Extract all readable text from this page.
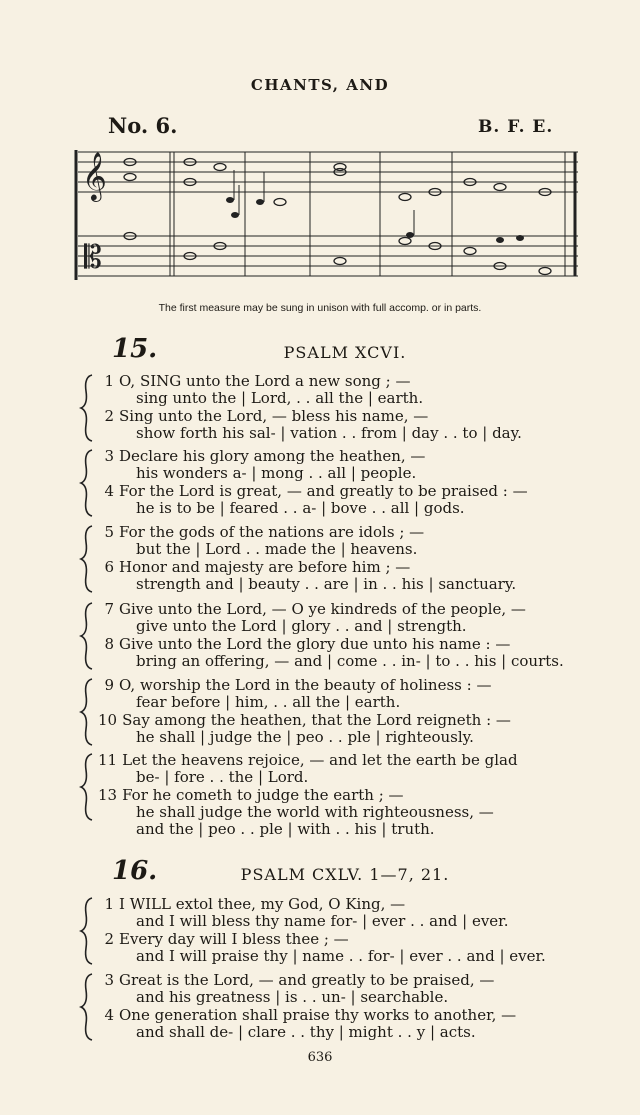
CHANTS, AND
No. 6.	B. F. E.
𝄞
𝄡
The first measure may be sung in unison with full accomp. or in parts.
15.	PSALM XCVI.
1 O, SING unto the Lord a new song ; —
sing unto the | Lord, . . all the | earth.
2 Sing unto the Lord, — bless his name, —
show forth his sal- | vation . . from | day . . to | day.
3 Declare his glory among the heathen, —
his wonders a- | mong . . all | people.
4 For the Lord is great, — and greatly to be praised : —
he is to be | feared . . a- | bove . . all | gods.
5 For the gods of the nations are idols ; —
but the | Lord . . made the | heavens.
6 Honor and majesty are before him ; —
strength and | beauty . . are | in . . his | sanctuary.
7 Give unto the Lord, — O ye kindreds of the people, —
give unto the Lord | glory . . and | strength.
8 Give unto the Lord the glory due unto his name : —
bring an offering, — and | come . . in- | to . . his | courts.
9 O, worship the Lord in the beauty of holiness : —
fear before | him, . . all the | earth.
10 Say among the heathen, that the Lord reigneth : —
he shall | judge the | peo . . ple | righteously.
11 Let the heavens rejoice, — and let the earth be glad
be- | fore . . the | Lord.
13 For he cometh to judge the earth ; —
he shall judge the world with righteousness, —
and the | peo . . ple | with . . his | truth.
16.	PSALM CXLV. 1—7, 21.
1 I WILL extol thee, my God, O King, —
and I will bless thy name for- | ever . . and | ever.
2 Every day will I bless thee ; —
and I will praise thy | name . . for- | ever . . and | ever.
3 Great is the Lord, — and greatly to be praised, —
and his greatness | is . . un- | searchable.
4 One generation shall praise thy works to another, —
and shall de- | clare . . thy | might . . y | acts.
636
